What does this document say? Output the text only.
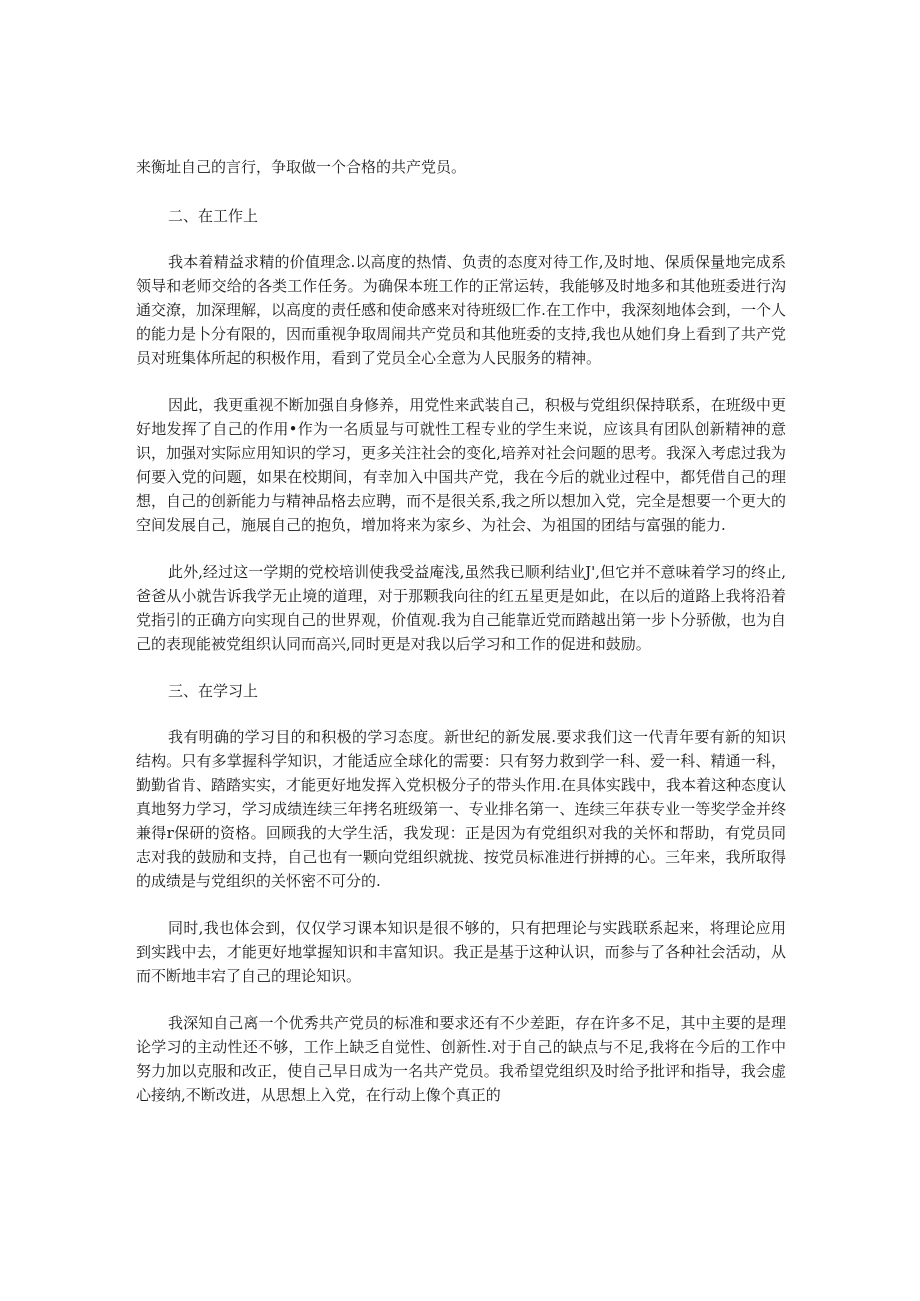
来衡址自己的言行，争取做一个合格的共产党员。

二、在工作上

我本着精益求精的价值理念.以高度的热情、负责的态度对待工作,及时地、保质保量地完成系领导和老师交给的各类工作任务。为确保本班工作的正常运转，我能够及时地多和其他班委进行沟通交潦，加深理解，以高度的责任感和使命感来对待班级匚作.在工作中，我深刻地体会到，一个人的能力是卜分有限的，因而重视争取周闹共产党员和其他班委的支持,我也从她们身上看到了共产党员对班集体所起的积极作用，看到了党员全心全意为人民服务的精神。

因此，我更重视不断加强自身修养，用党性来武装自己，积极与党组织保持联系，在班级中更好地发挥了自己的作用•作为一名质显与可就性工程专业的学生来说，应该具有团队创新精神的意识，加强对实际应用知识的学习，更多关注社会的变化,培养对社会问题的思考。我深入考虑过我为何要入党的问题，如果在校期间，有幸加入中国共产党，我在今后的就业过程中，都凭借自己的理想，自己的创新能力与精神品格去应聘，而不是很关系,我之所以想加入党，完全是想要一个更大的空间发展自己，施展自己的抱负，增加将来为家乡、为社会、为祖国的团结与富强的能力.

此外,经过这一学期的党校培训使我受益庵浅,虽然我已顺利结业J',但它并不意味着学习的终止,爸爸从小就告诉我学无止境的道理，对于那颗我向往的红五星更是如此，在以后的道路上我将沿着党指引的正确方向实现自己的世界观，价值观.我为自己能靠近党而踏越出第一步卜分骄傲，也为自己的表现能被党组织认同而高兴,同时更是对我以后学习和工作的促进和鼓励。

三、在学习上

我有明确的学习目的和积极的学习态度。新世纪的新发展.要求我们这一代青年要有新的知识结构。只有多掌握科学知识，才能适应全球化的需要：只有努力救到学一科、爱一科、精通一科，勤勤省肯、踏踏实实，才能更好地发挥入党枳极分子的带头作用.在具体实践中，我本着这种态度认真地努力学习，学习成绩连续三年拷名班级第一、专业排名第一、连续三年获专业一等奖学金并终兼得r保研的资格。回顾我的大学生活，我发现：正是因为有党组织对我的关怀和帮助，有党员同志对我的鼓励和支持，自己也有一颗向党组织就拢、按党员标准进行拼搏的心。三年来，我所取得的成绩是与党组织的关怀密不可分的.

同时,我也体会到，仅仅学习课本知识是很不够的，只有把理论与实践联系起来，将理论应用到实践中去，才能更好地掌握知识和丰富知识。我正是基于这种认识，而参与了各种社会活动，从而不断地丰宕了自己的理论知识。

我深知自己离一个优秀共产党员的标准和要求还有不少差距，存在许多不足，其中主要的是理论学习的主动性还不够，工作上缺乏自觉性、创新性.对于自己的缺点与不足,我将在今后的工作中努力加以克服和改正，使自己早日成为一名共产党员。我希望党组织及时给予批评和指导，我会虚心接纳,不断改进，从思想上入党，在行动上像个真正的
